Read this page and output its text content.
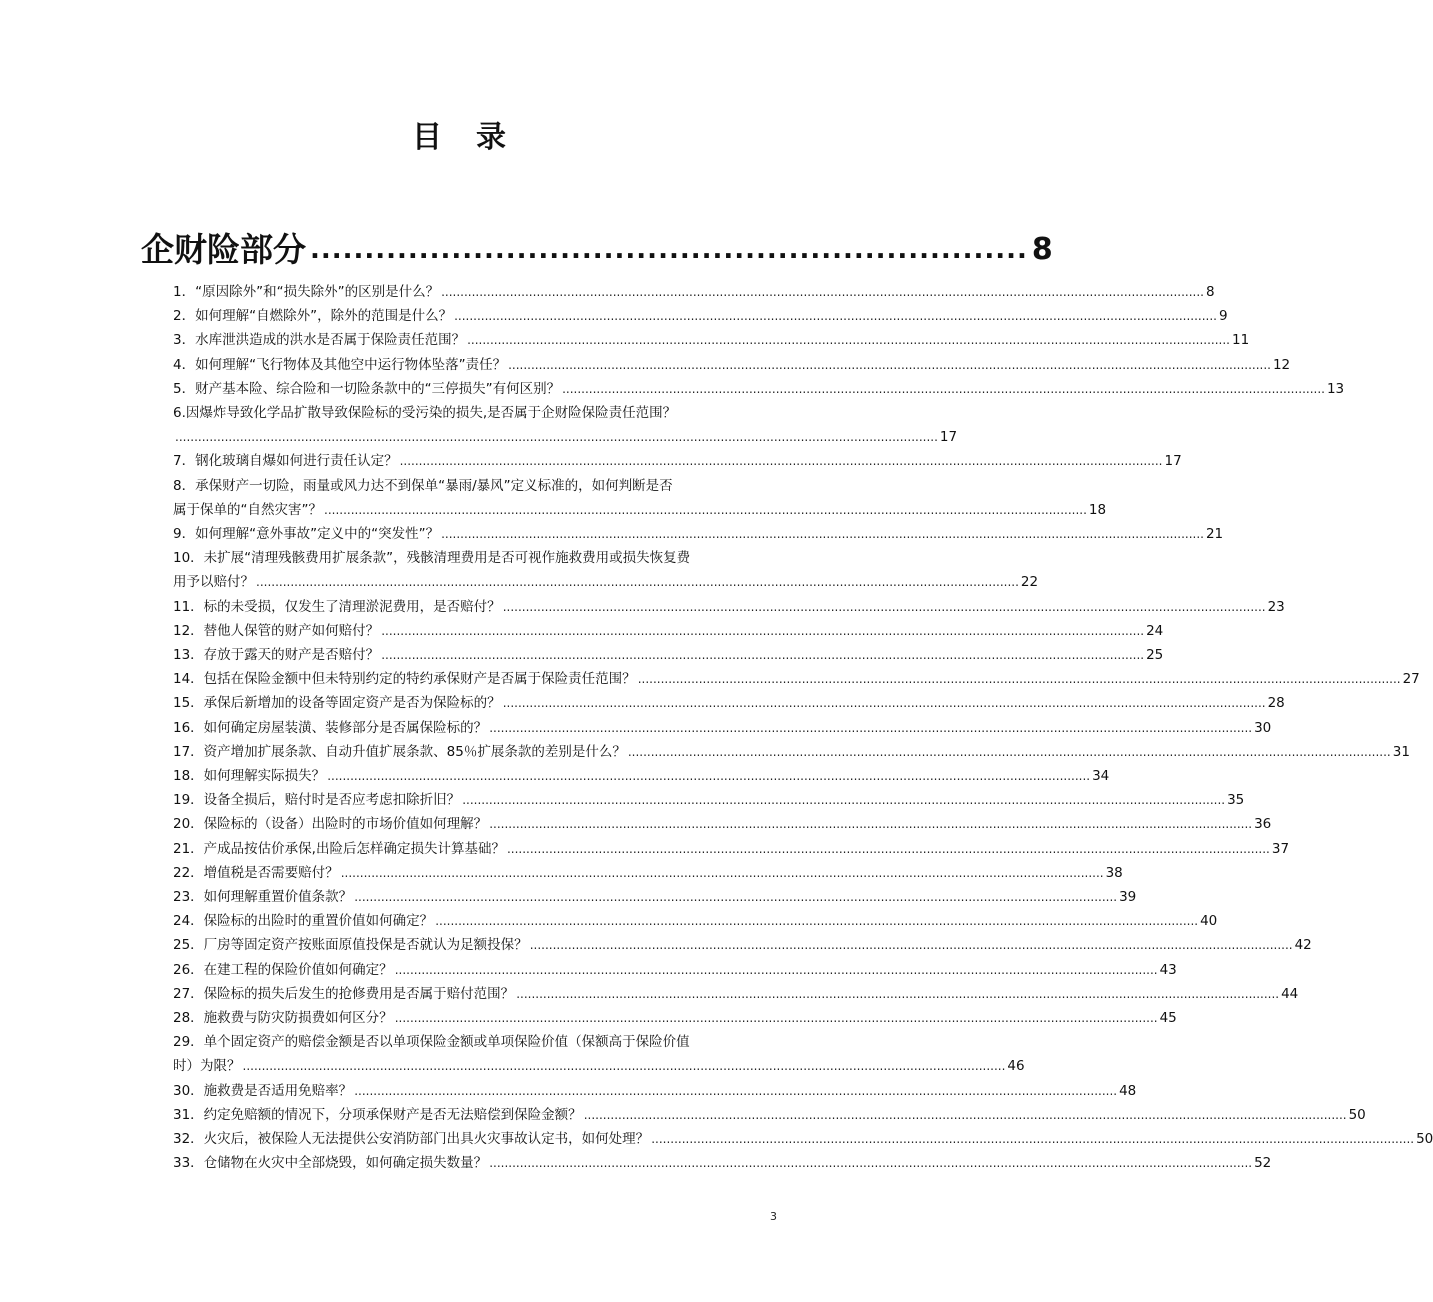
目　录
企财险部分 .................................................................. 8
1．“原因除外”和“损失除外”的区别是什么？ ........................................................................................................................................................................................................ 8
2．如何理解“自燃除外”，除外的范围是什么？ ........................................................................................................................................................................................................ 9
3．水库泄洪造成的洪水是否属于保险责任范围？ ........................................................................................................................................................................................................ 11
4．如何理解“飞行物体及其他空中运行物体坠落”责任？ ........................................................................................................................................................................................................ 12
5．财产基本险、综合险和一切险条款中的“三停损失”有何区别？ ........................................................................................................................................................................................................ 13
6.因爆炸导致化学品扩散导致保险标的受污染的损失,是否属于企财险保险责任范围？
........................................................................................................................................................................................................ 17
7．钢化玻璃自爆如何进行责任认定？ ........................................................................................................................................................................................................ 17
8．承保财产一切险，雨量或风力达不到保单“暴雨/暴风”定义标准的，如何判断是否
属于保单的“自然灾害”？ ........................................................................................................................................................................................................ 18
9．如何理解“意外事故”定义中的“突发性”？ ........................................................................................................................................................................................................ 21
10．未扩展“清理残骸费用扩展条款”，残骸清理费用是否可视作施救费用或损失恢复费
用予以赔付？ ........................................................................................................................................................................................................ 22
11．标的未受损，仅发生了清理淤泥费用，是否赔付？ ........................................................................................................................................................................................................ 23
12．替他人保管的财产如何赔付？ ........................................................................................................................................................................................................ 24
13．存放于露天的财产是否赔付？ ........................................................................................................................................................................................................ 25
14．包括在保险金额中但未特别约定的特约承保财产是否属于保险责任范围？ ........................................................................................................................................................................................................ 27
15．承保后新增加的设备等固定资产是否为保险标的？ ........................................................................................................................................................................................................ 28
16．如何确定房屋装潢、装修部分是否属保险标的？ ........................................................................................................................................................................................................ 30
17．资产增加扩展条款、自动升值扩展条款、85％扩展条款的差别是什么？ ........................................................................................................................................................................................................ 31
18．如何理解实际损失？ ........................................................................................................................................................................................................ 34
19．设备全损后，赔付时是否应考虑扣除折旧？ ........................................................................................................................................................................................................ 35
20．保险标的（设备）出险时的市场价值如何理解？ ........................................................................................................................................................................................................ 36
21．产成品按估价承保,出险后怎样确定损失计算基础？ ........................................................................................................................................................................................................ 37
22．增值税是否需要赔付？ ........................................................................................................................................................................................................ 38
23．如何理解重置价值条款？ ........................................................................................................................................................................................................ 39
24．保险标的出险时的重置价值如何确定？ ........................................................................................................................................................................................................ 40
25．厂房等固定资产按账面原值投保是否就认为足额投保？ ........................................................................................................................................................................................................ 42
26．在建工程的保险价值如何确定？ ........................................................................................................................................................................................................ 43
27．保险标的损失后发生的抢修费用是否属于赔付范围？ ........................................................................................................................................................................................................ 44
28．施救费与防灾防损费如何区分？ ........................................................................................................................................................................................................ 45
29．单个固定资产的赔偿金额是否以单项保险金额或单项保险价值（保额高于保险价值
时）为限？ ........................................................................................................................................................................................................ 46
30．施救费是否适用免赔率？ ........................................................................................................................................................................................................ 48
31．约定免赔额的情况下，分项承保财产是否无法赔偿到保险金额？ ........................................................................................................................................................................................................ 50
32．火灾后，被保险人无法提供公安消防部门出具火灾事故认定书，如何处理？ ........................................................................................................................................................................................................ 50
33．仓储物在火灾中全部烧毁，如何确定损失数量？ ........................................................................................................................................................................................................ 52
3
